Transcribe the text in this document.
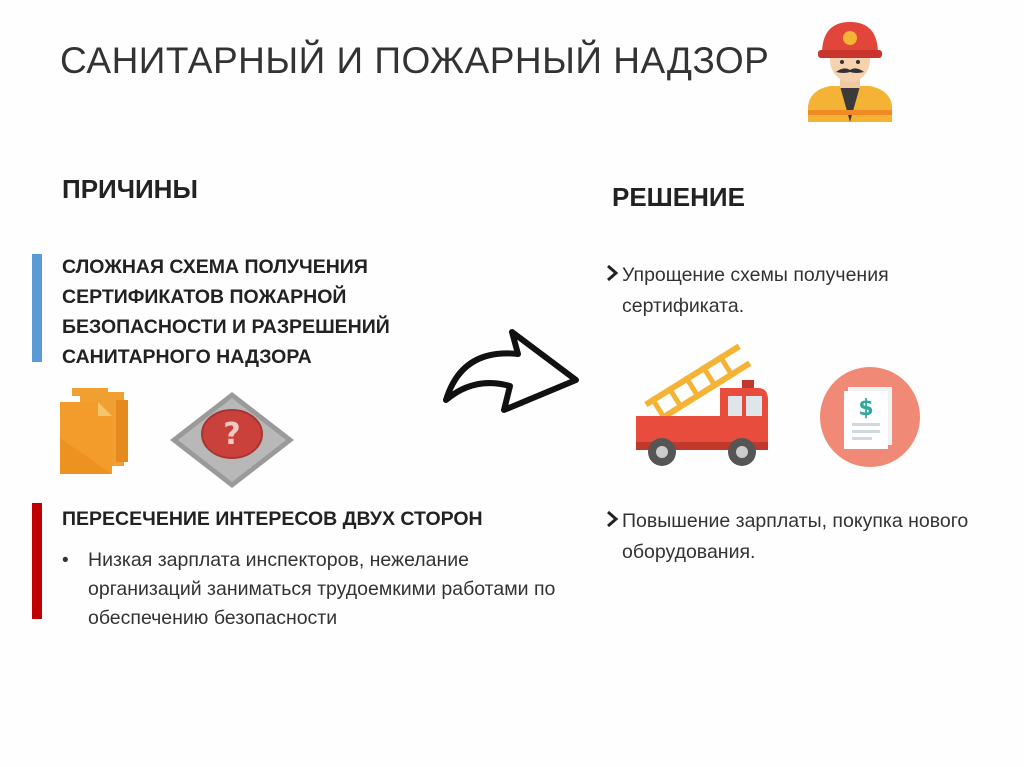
САНИТАРНЫЙ И ПОЖАРНЫЙ НАДЗОР
ПРИЧИНЫ	РЕШЕНИЕ
СЛОЖНАЯ СХЕМА ПОЛУЧЕНИЯ СЕРТИФИКАТОВ ПОЖАРНОЙ БЕЗОПАСНОСТИ И РАЗРЕШЕНИЙ САНИТАРНОГО НАДЗОРА
?
ПЕРЕСЕЧЕНИЕ ИНТЕРЕСОВ ДВУХ СТОРОН
• Низкая зарплата инспекторов, нежелание организаций заниматься трудоемкими работами по обеспечению безопасности
Упрощение схемы получения сертификата.
$
Повышение зарплаты, покупка нового оборудования.
